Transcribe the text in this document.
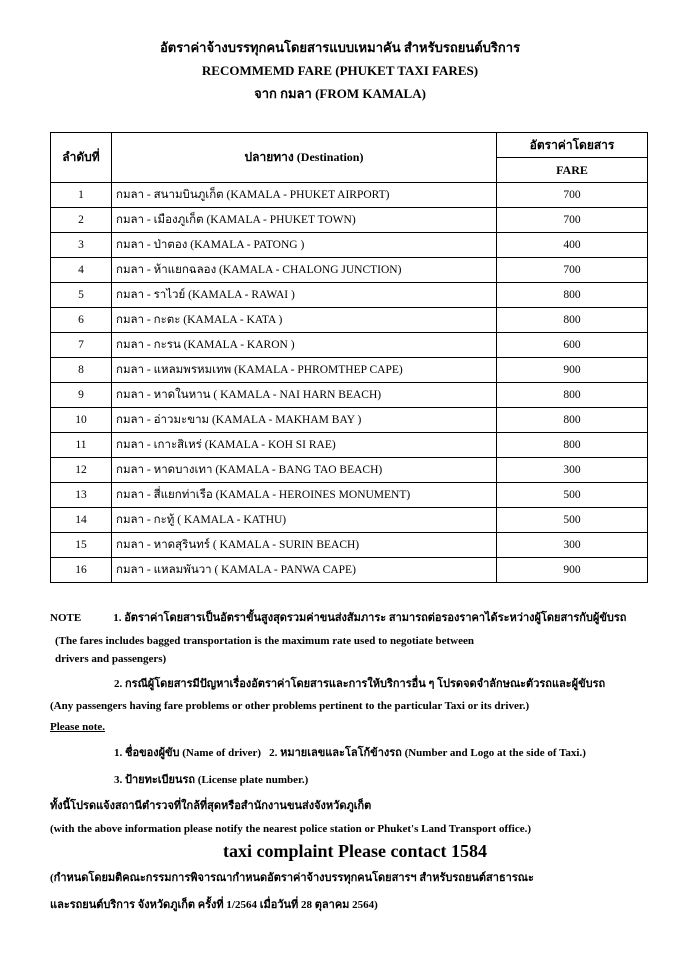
อัตราค่าจ้างบรรทุกคนโดยสารแบบเหมาคัน สำหรับรถยนต์บริการ
RECOMMEMD FARE (PHUKET TAXI FARES)
จาก กมลา (FROM KAMALA)
ลำดับที่	ปลายทาง (Destination)	อัตราค่าโดยสาร
		FARE
1	กมลา - สนามบินภูเก็ต (KAMALA - PHUKET AIRPORT)	700
2	กมลา - เมืองภูเก็ต (KAMALA - PHUKET TOWN)	700
3	กมลา - ป่าตอง (KAMALA - PATONG )	400
4	กมลา - ห้าแยกฉลอง (KAMALA - CHALONG JUNCTION)	700
5	กมลา - ราไวย์ (KAMALA - RAWAI )	800
6	กมลา - กะตะ (KAMALA - KATA )	800
7	กมลา - กะรน (KAMALA - KARON )	600
8	กมลา - แหลมพรหมเทพ (KAMALA - PHROMTHEP CAPE)	900
9	กมลา - หาดในหาน ( KAMALA - NAI HARN BEACH)	800
10	กมลา - อ่าวมะขาม (KAMALA - MAKHAM BAY )	800
11	กมลา - เกาะสิเหร่ (KAMALA - KOH SI RAE)	800
12	กมลา - หาดบางเทา (KAMALA - BANG TAO BEACH)	300
13	กมลา - สี่แยกท่าเรือ (KAMALA - HEROINES MONUMENT)	500
14	กมลา - กะทู้ ( KAMALA - KATHU)	500
15	กมลา - หาดสุรินทร์ ( KAMALA - SURIN BEACH)	300
16	กมลา - แหลมพันวา ( KAMALA - PANWA CAPE)	900

NOTE	1. อัตราค่าโดยสารเป็นอัตราขั้นสูงสุดรวมค่าขนส่งสัมภาระ สามารถต่อรองราคาได้ระหว่างผู้โดยสารกับผู้ขับรถ

(The fares includes bagged transportation is the maximum rate used to negotiate between

drivers and passengers)

2. กรณีผู้โดยสารมีปัญหาเรื่องอัตราค่าโดยสารและการให้บริการอื่น ๆ โปรดจดจำลักษณะตัวรถและผู้ขับรถ

(Any passengers having fare problems or other problems pertinent to the particular Taxi or its driver.)

Please note.

1. ชื่อของผู้ขับ (Name of driver) 2. หมายเลขและโลโก้ข้างรถ (Number and Logo at the side of Taxi.)

3. ป้ายทะเบียนรถ (License plate number.)

ทั้งนี้โปรดแจ้งสถานีตำรวจที่ใกล้ที่สุดหรือสำนักงานขนส่งจังหวัดภูเก็ต

(with the above information please notify the nearest police station or Phuket's Land Transport office.)

taxi complaint Please contact 1584

(กำหนดโดยมติคณะกรรมการพิจารณากำหนดอัตราค่าจ้างบรรทุกคนโดยสารฯ สำหรับรถยนต์สาธารณะ

และรถยนต์บริการ จังหวัดภูเก็ต ครั้งที่ 1/2564 เมื่อวันที่ 28 ตุลาคม 2564)
